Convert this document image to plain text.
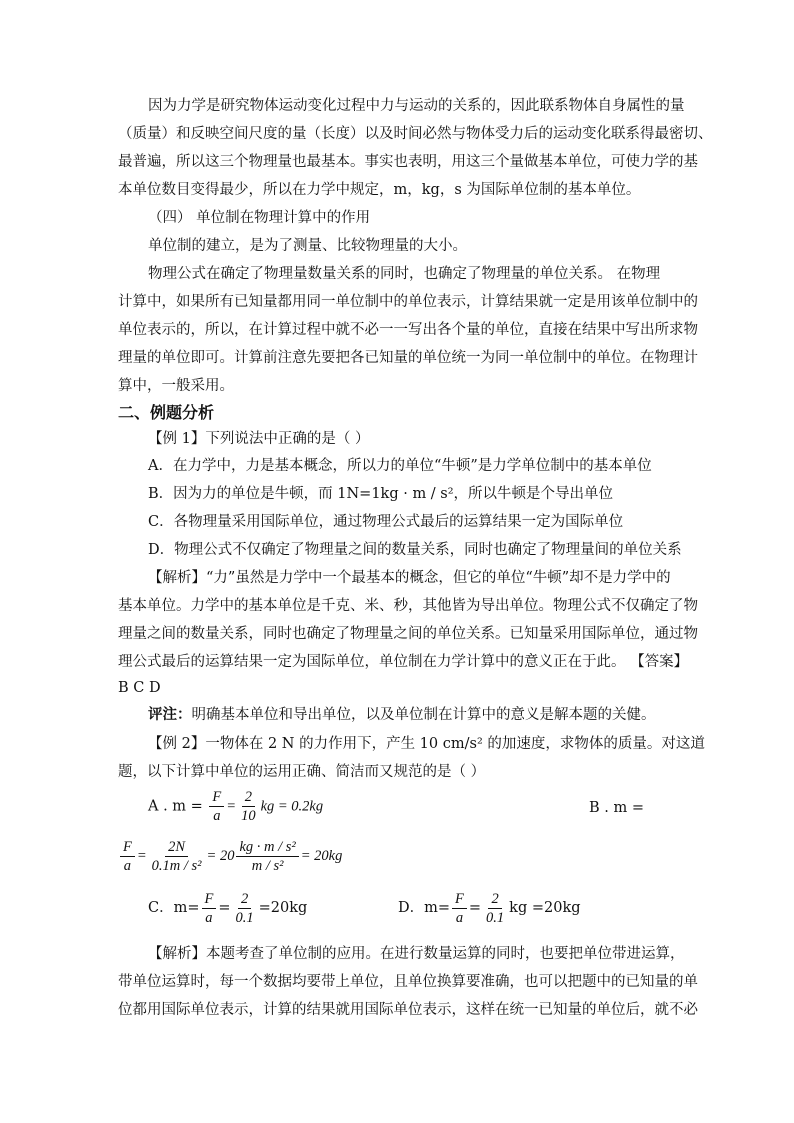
因为力学是研究物体运动变化过程中力与运动的关系的，因此联系物体自身属性的量
（质量）和反映空间尺度的量（长度）以及时间必然与物体受力后的运动变化联系得最密切、
最普遍，所以这三个物理量也最基本。事实也表明，用这三个量做基本单位，可使力学的基
本单位数目变得最少，所以在力学中规定，m，kg，s 为国际单位制的基本单位。
（四） 单位制在物理计算中的作用
单位制的建立，是为了测量、比较物理量的大小。
物理公式在确定了物理量数量关系的同时，也确定了物理量的单位关系。 在物理
计算中，如果所有已知量都用同一单位制中的单位表示，计算结果就一定是用该单位制中的
单位表示的，所以，在计算过程中就不必一一写出各个量的单位，直接在结果中写出所求物
理量的单位即可。计算前注意先要把各已知量的单位统一为同一单位制中的单位。在物理计
算中，一般采用。
二、例题分析
【例 1】下列说法中正确的是（ ）
A．在力学中，力是基本概念，所以力的单位“牛顿”是力学单位制中的基本单位
B．因为力的单位是牛顿，而 1N=1kg · m / s²，所以牛顿是个导出单位
C．各物理量采用国际单位，通过物理公式最后的运算结果一定为国际单位
D．物理公式不仅确定了物理量之间的数量关系，同时也确定了物理量间的单位关系
【解析】“力”虽然是力学中一个最基本的概念，但它的单位“牛顿”却不是力学中的
基本单位。力学中的基本单位是千克、米、秒，其他皆为导出单位。物理公式不仅确定了物
理量之间的数量关系，同时也确定了物理量之间的单位关系。已知量采用国际单位，通过物
理公式最后的运算结果一定为国际单位，单位制在力学计算中的意义正在于此。 【答案】
B C D
评注：明确基本单位和导出单位，以及单位制在计算中的意义是解本题的关健。
【例 2】一物体在 2 N 的力作用下，产生 10 cm/s² 的加速度，求物体的质量。对这道
题，以下计算中单位的运用正确、简洁而又规范的是（ ）
A . $m = \frac{F}{a} = \frac{2}{10}$ kg = 0.2kg	B . m =
$\frac{F}{a} = \frac{2N}{\text{0.1m / s²}} = 20 \frac{\text{kg · m / s²}}{\text{m / s²}} = 20kg$
C．$m= \frac{F}{a} = \frac{2}{0.1} =20kg$	D．$m= \frac{F}{a} = \frac{2}{0.1}$ kg =20kg
【解析】本题考查了单位制的应用。在进行数量运算的同时，也要把单位带进运算，
带单位运算时，每一个数据均要带上单位，且单位换算要准确，也可以把题中的已知量的单
位都用国际单位表示，计算的结果就用国际单位表示，这样在统一已知量的单位后，就不必
